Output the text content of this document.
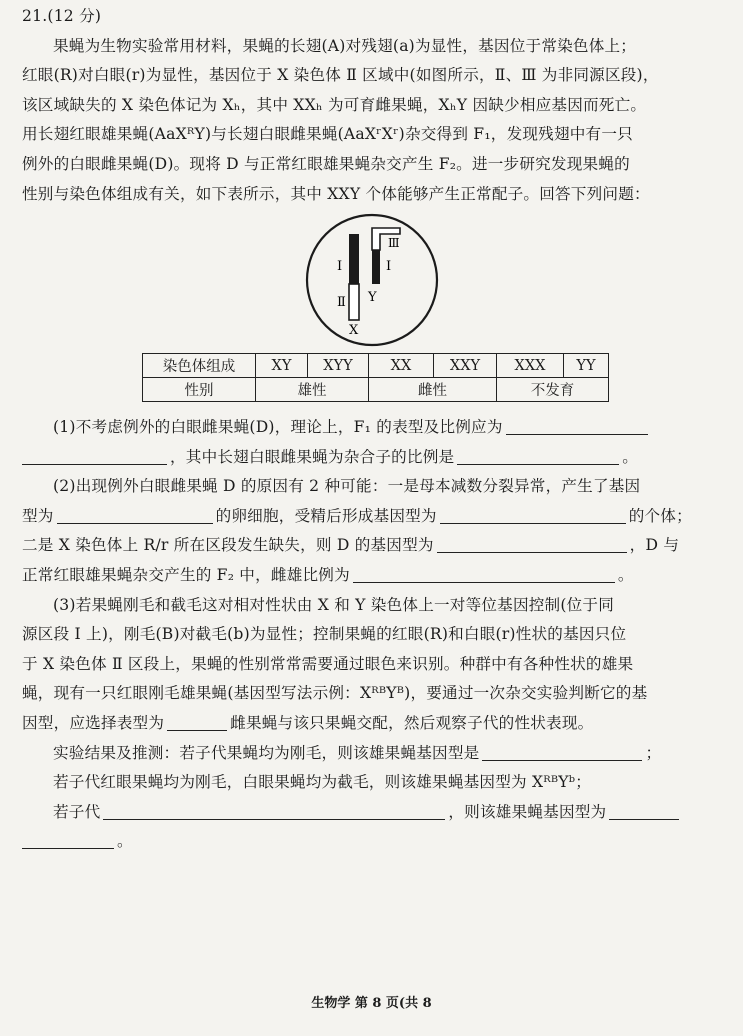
21.(12 分)

果蝇为生物实验常用材料，果蝇的长翅(A)对残翅(a)为显性，基因位于常染色体上；

红眼(R)对白眼(r)为显性，基因位于 X 染色体 Ⅱ 区域中(如图所示，Ⅱ、Ⅲ 为非同源区段)，

该区域缺失的 X 染色体记为 Xₕ，其中 XXₕ 为可育雌果蝇，XₕY 因缺少相应基因而死亡。

用长翅红眼雄果蝇(AaXᴿY)与长翅白眼雌果蝇(AaXʳXʳ)杂交得到 F₁，发现残翅中有一只

例外的白眼雌果蝇(D)。现将 D 与正常红眼雄果蝇杂交产生 F₂。进一步研究发现果蝇的

性别与染色体组成有关，如下表所示，其中 XXY 个体能够产生正常配子。回答下列问题：

Ⅰ
Ⅱ
X
Ⅰ
Y
Ⅲ
染色体组成	XY	XYY	XX	XXY	XXX	YY
性别	雄性		雌性		不发育	

(1)不考虑例外的白眼雌果蝇(D)，理论上，F₁ 的表型及比例应为

，其中长翅白眼雌果蝇为杂合子的比例是	。

(2)出现例外白眼雌果蝇 D 的原因有 2 种可能：一是母本减数分裂异常，产生了基因

型为	的卵细胞，受精后形成基因型为	的个体；

二是 X 染色体上 R/r 所在区段发生缺失，则 D 的基因型为	，D 与

正常红眼雄果蝇杂交产生的 F₂ 中，雌雄比例为	。

(3)若果蝇刚毛和截毛这对相对性状由 X 和 Y 染色体上一对等位基因控制(位于同

源区段 Ⅰ 上)，刚毛(B)对截毛(b)为显性；控制果蝇的红眼(R)和白眼(r)性状的基因只位

于 X 染色体 Ⅱ 区段上，果蝇的性别常常需要通过眼色来识别。种群中有各种性状的雄果

蝇，现有一只红眼刚毛雄果蝇(基因型写法示例：XᴿᴮYᴮ)，要通过一次杂交实验判断它的基

因型，应选择表型为	雌果蝇与该只果蝇交配，然后观察子代的性状表现。

实验结果及推测：若子代果蝇均为刚毛，则该雄果蝇基因型是	；

若子代红眼果蝇均为刚毛，白眼果蝇均为截毛，则该雄果蝇基因型为 XᴿᴮYᵇ；

若子代	，则该雄果蝇基因型为

。

生物学 第 8 页(共 8
